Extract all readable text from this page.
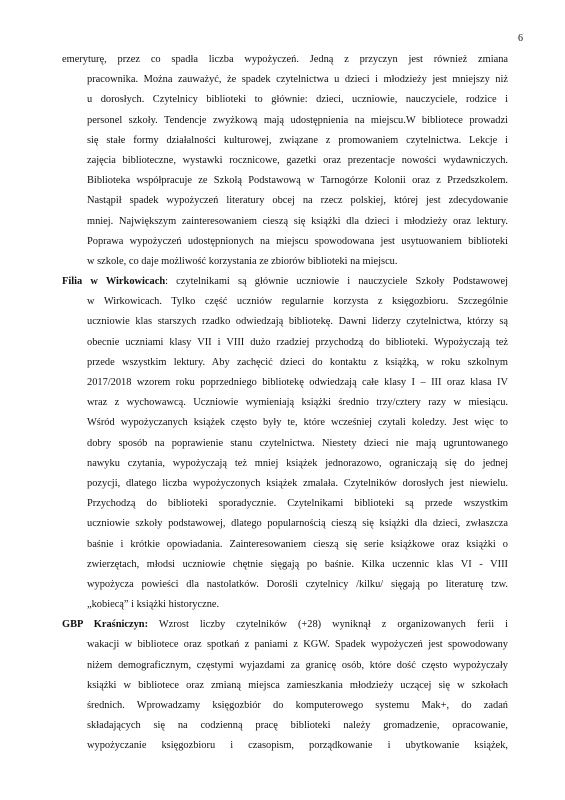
6
emeryturę, przez co spadła liczba wypożyczeń. Jedną z przyczyn jest również zmiana
pracownika. Można zauważyć, że spadek czytelnictwa u dzieci i młodzieży jest mniejszy niż
u dorosłych. Czytelnicy biblioteki to głównie: dzieci, uczniowie, nauczyciele, rodzice i
personel szkoły. Tendencje zwyżkową mają udostępnienia na miejscu.W bibliotece prowadzi
się stałe formy działalności kulturowej, związane z promowaniem czytelnictwa. Lekcje i
zajęcia biblioteczne, wystawki rocznicowe, gazetki oraz prezentacje nowości wydawniczych.
Biblioteka współpracuje ze Szkołą Podstawową w Tarnogórze Kolonii oraz z Przedszkolem.
Nastąpił spadek wypożyczeń literatury obcej na rzecz polskiej, której jest zdecydowanie
mniej. Największym zainteresowaniem cieszą się książki dla dzieci i młodzieży oraz lektury.
Poprawa wypożyczeń udostępnionych na miejscu spowodowana jest usytuowaniem biblioteki
w szkole, co daje możliwość korzystania ze zbiorów biblioteki na miejscu.
Filia w Wirkowicach: czytelnikami są głównie uczniowie i nauczyciele Szkoły Podstawowej
w Wirkowicach. Tylko część uczniów regularnie korzysta z księgozbioru. Szczególnie
uczniowie klas starszych rzadko odwiedzają bibliotekę. Dawni liderzy czytelnictwa, którzy są
obecnie uczniami klasy VII i VIII dużo rzadziej przychodzą do biblioteki. Wypożyczają też
przede wszystkim lektury. Aby zachęcić dzieci do kontaktu z książką, w roku szkolnym
2017/2018 wzorem roku poprzedniego bibliotekę odwiedzają całe klasy I – III oraz klasa IV
wraz z wychowawcą. Uczniowie wymieniają książki średnio trzy/cztery razy w miesiącu.
Wśród wypożyczanych książek często były te, które wcześniej czytali koledzy. Jest więc to
dobry sposób na poprawienie stanu czytelnictwa. Niestety dzieci nie mają ugruntowanego
nawyku czytania, wypożyczają też mniej książek jednorazowo, ograniczają się do jednej
pozycji, dlatego liczba wypożyczonych książek zmalała. Czytelników dorosłych jest niewielu.
Przychodzą do biblioteki sporadycznie. Czytelnikami biblioteki są przede wszystkim
uczniowie szkoły podstawowej, dlatego popularnością cieszą się książki dla dzieci, zwłaszcza
baśnie i krótkie opowiadania. Zainteresowaniem cieszą się serie książkowe oraz książki o
zwierzętach, młodsi uczniowie chętnie sięgają po baśnie. Kilka uczennic klas VI - VIII
wypożycza powieści dla nastolatków. Dorośli czytelnicy /kilku/ sięgają po literaturę tzw.
„kobiecą” i książki historyczne.
GBP Kraśniczyn: Wzrost liczby czytelników (+28) wyniknął z organizowanych ferii i
wakacji w bibliotece oraz spotkań z paniami z KGW. Spadek wypożyczeń jest spowodowany
niżem demograficznym, częstymi wyjazdami za granicę osób, które dość często wypożyczały
książki w bibliotece oraz zmianą miejsca zamieszkania młodzieży uczącej się w szkołach
średnich. Wprowadzamy księgozbiór do komputerowego systemu Mak+, do zadań
składających się na codzienną pracę biblioteki należy gromadzenie, opracowanie,
wypożyczanie księgozbioru i czasopism, porządkowanie i ubytkowanie książek,
